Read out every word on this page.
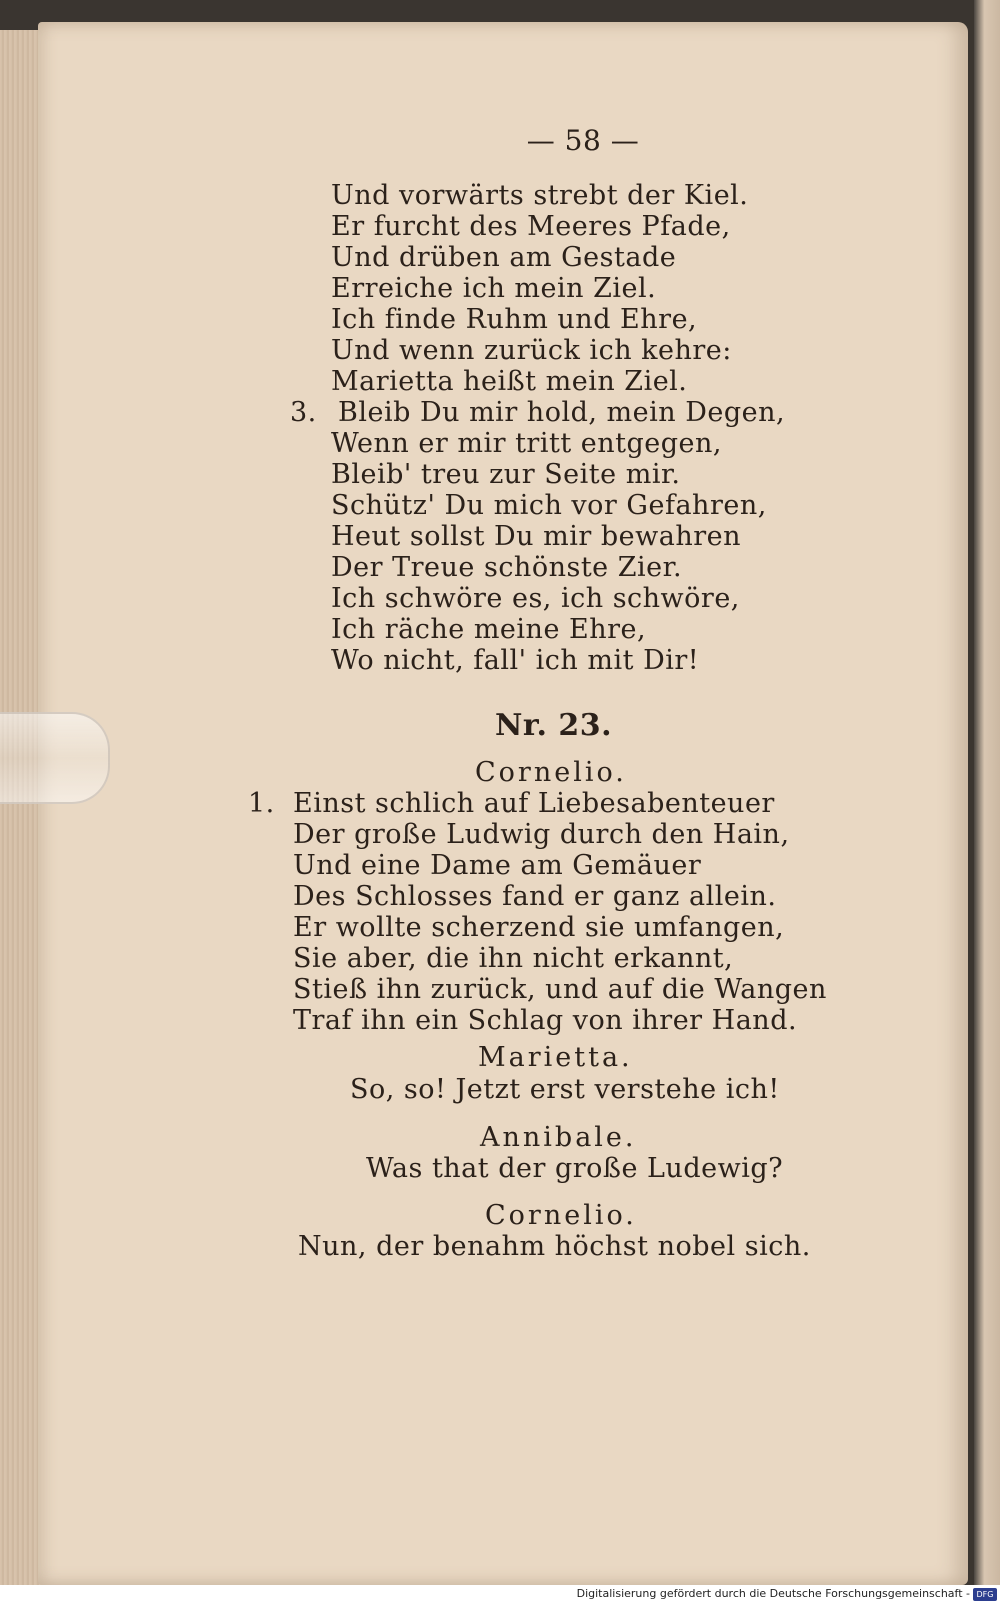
— 58 —
Und vorwärts strebt der Kiel.
Er furcht des Meeres Pfade,
Und drüben am Gestade
Erreiche ich mein Ziel.
Ich finde Ruhm und Ehre,
Und wenn zurück ich kehre:
Marietta heißt mein Ziel.
3. Bleib Du mir hold, mein Degen,
Wenn er mir tritt entgegen,
Bleib' treu zur Seite mir.
Schütz' Du mich vor Gefahren,
Heut sollst Du mir bewahren
Der Treue schönste Zier.
Ich schwöre es, ich schwöre,
Ich räche meine Ehre,
Wo nicht, fall' ich mit Dir!
Nr. 23.
Cornelio.
1. Einst schlich auf Liebesabenteuer
Der große Ludwig durch den Hain,
Und eine Dame am Gemäuer
Des Schlosses fand er ganz allein.
Er wollte scherzend sie umfangen,
Sie aber, die ihn nicht erkannt,
Stieß ihn zurück, und auf die Wangen
Traf ihn ein Schlag von ihrer Hand.
Marietta.
So, so! Jetzt erst verstehe ich!
Annibale.
Was that der große Ludewig?
Cornelio.
Nun, der benahm höchst nobel sich.
Digitalisierung gefördert durch die Deutsche Forschungsgemeinschaft - DFG
